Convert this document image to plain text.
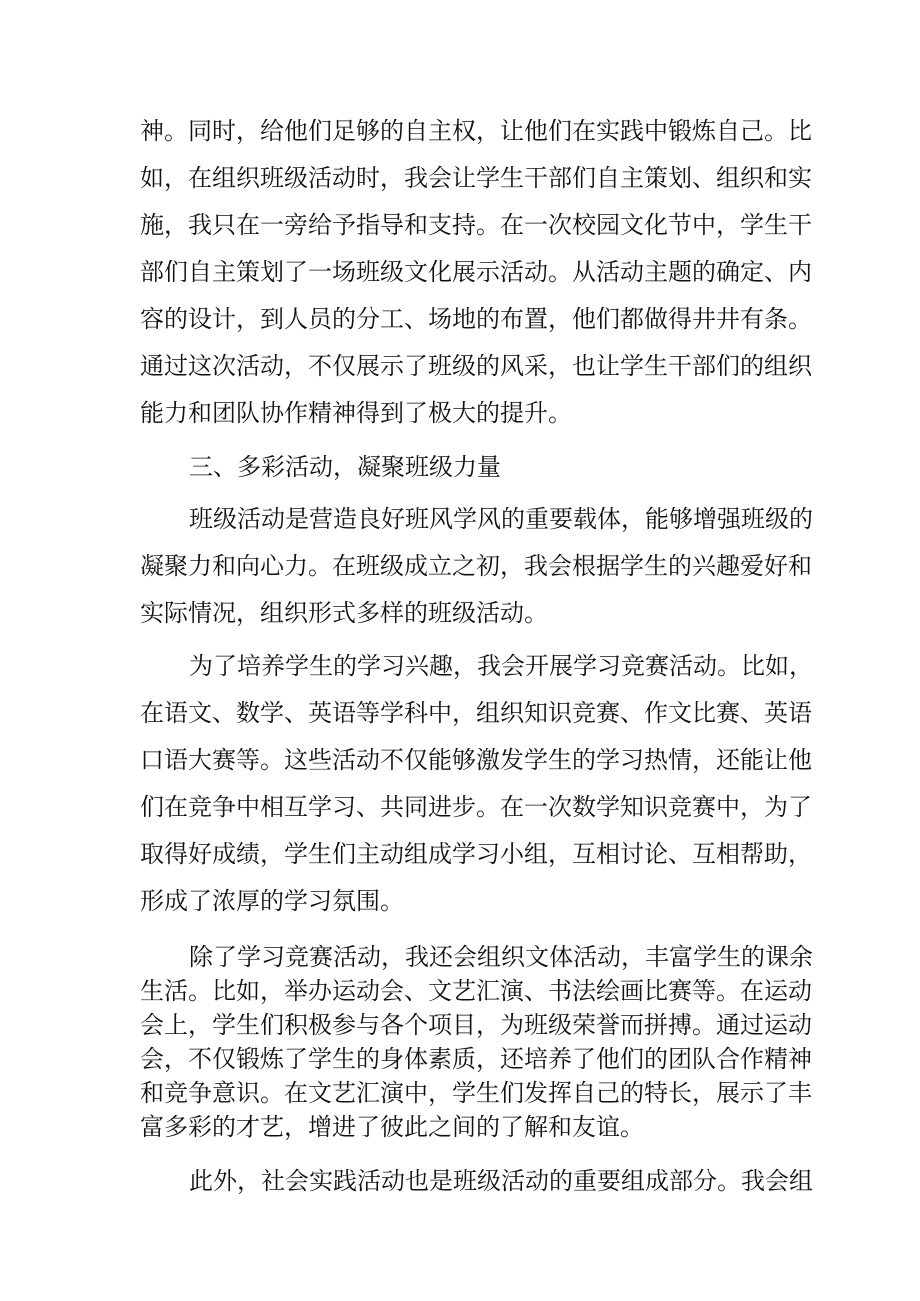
神。同时，给他们足够的自主权，让他们在实践中锻炼自己。比
如，在组织班级活动时，我会让学生干部们自主策划、组织和实
施，我只在一旁给予指导和支持。在一次校园文化节中，学生干
部们自主策划了一场班级文化展示活动。从活动主题的确定、内
容的设计，到人员的分工、场地的布置，他们都做得井井有条。
通过这次活动，不仅展示了班级的风采，也让学生干部们的组织
能力和团队协作精神得到了极大的提升。
三、多彩活动，凝聚班级力量
班级活动是营造良好班风学风的重要载体，能够增强班级的
凝聚力和向心力。在班级成立之初，我会根据学生的兴趣爱好和
实际情况，组织形式多样的班级活动。
为了培养学生的学习兴趣，我会开展学习竞赛活动。比如，
在语文、数学、英语等学科中，组织知识竞赛、作文比赛、英语
口语大赛等。这些活动不仅能够激发学生的学习热情，还能让他
们在竞争中相互学习、共同进步。在一次数学知识竞赛中，为了
取得好成绩，学生们主动组成学习小组，互相讨论、互相帮助，
形成了浓厚的学习氛围。
除了学习竞赛活动，我还会组织文体活动，丰富学生的课余
生活。比如，举办运动会、文艺汇演、书法绘画比赛等。在运动
会上，学生们积极参与各个项目，为班级荣誉而拼搏。通过运动
会，不仅锻炼了学生的身体素质，还培养了他们的团队合作精神
和竞争意识。在文艺汇演中，学生们发挥自己的特长，展示了丰
富多彩的才艺，增进了彼此之间的了解和友谊。
此外，社会实践活动也是班级活动的重要组成部分。我会组
